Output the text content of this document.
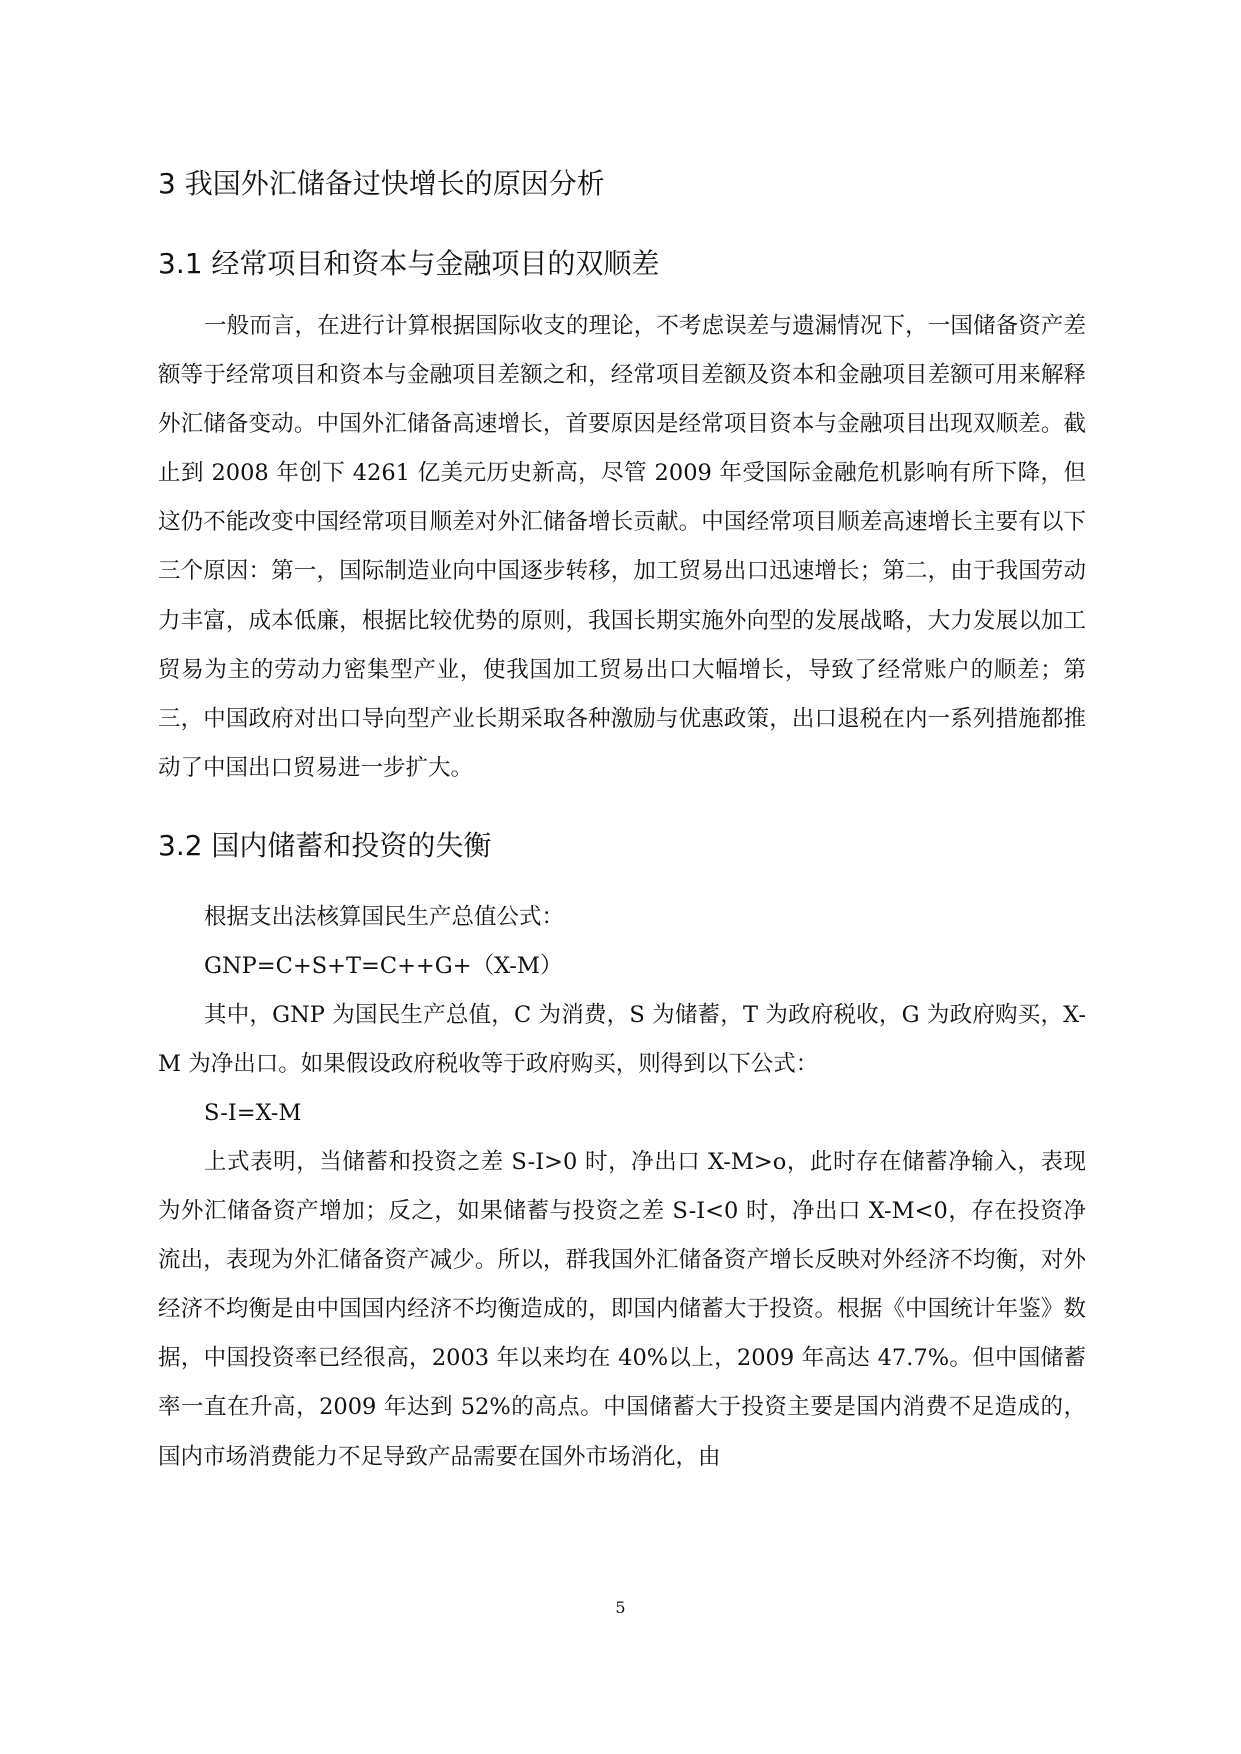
3 我国外汇储备过快增长的原因分析
3.1 经常项目和资本与金融项目的双顺差

一般而言，在进行计算根据国际收支的理论，不考虑误差与遗漏情况下，一国储备资产差额等于经常项目和资本与金融项目差额之和，经常项目差额及资本和金融项目差额可用来解释外汇储备变动。中国外汇储备高速增长，首要原因是经常项目资本与金融项目出现双顺差。截止到 2008 年创下 4261 亿美元历史新高，尽管 2009 年受国际金融危机影响有所下降，但这仍不能改变中国经常项目顺差对外汇储备增长贡献。中国经常项目顺差高速增长主要有以下三个原因：第一，国际制造业向中国逐步转移，加工贸易出口迅速增长；第二，由于我国劳动力丰富，成本低廉，根据比较优势的原则，我国长期实施外向型的发展战略，大力发展以加工贸易为主的劳动力密集型产业，使我国加工贸易出口大幅增长，导致了经常账户的顺差；第三，中国政府对出口导向型产业长期采取各种激励与优惠政策，出口退税在内一系列措施都推动了中国出口贸易进一步扩大。

3.2 国内储蓄和投资的失衡
根据支出法核算国民生产总值公式：
GNP=C+S+T=C++G+（X-M）

其中，GNP 为国民生产总值，C 为消费，S 为储蓄，T 为政府税收，G 为政府购买，X-M 为净出口。如果假设政府税收等于政府购买，则得到以下公式：

S-I=X-M

上式表明，当储蓄和投资之差 S-I>0 时，净出口 X-M>o，此时存在储蓄净输入，表现为外汇储备资产增加；反之，如果储蓄与投资之差 S-I<0 时，净出口 X-M<0，存在投资净流出，表现为外汇储备资产减少。所以，群我国外汇储备资产增长反映对外经济不均衡，对外经济不均衡是由中国国内经济不均衡造成的，即国内储蓄大于投资。根据《中国统计年鉴》数据，中国投资率已经很高，2003 年以来均在 40%以上，2009 年高达 47.7%。但中国储蓄率一直在升高，2009 年达到 52%的高点。中国储蓄大于投资主要是国内消费不足造成的，国内市场消费能力不足导致产品需要在国外市场消化，由

5
